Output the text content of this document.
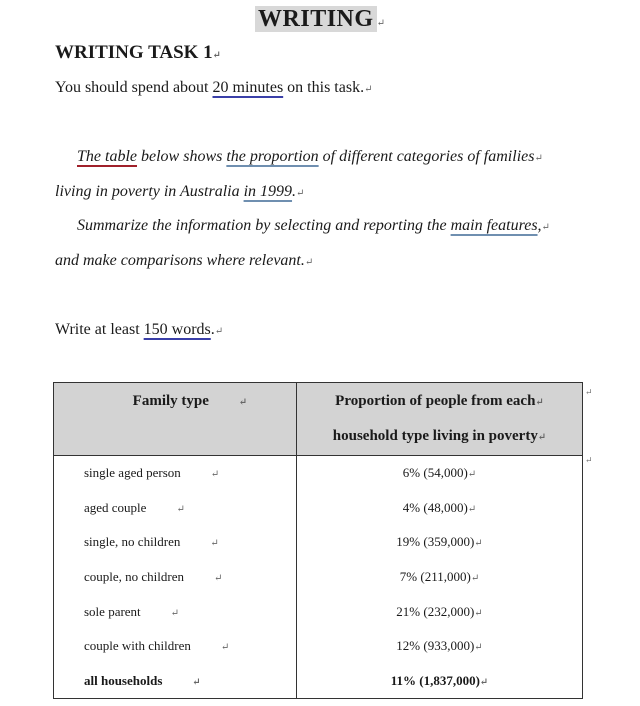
WRITING ↵
WRITING TASK 1↵
You should spend about 20 minutes on this task.↵
The table below shows the proportion of different categories of families↵
living in poverty in Australia in 1999.↵
Summarize the information by selecting and reporting the main features,↵
and make comparisons where relevant.↵
Write at least 150 words.↵
Family type ↵	Proportion of people from each↵
household type living in poverty↵

single aged person ↵	6% (54,000)↵
aged couple ↵	4% (48,000)↵
single, no children ↵	19% (359,000)↵
couple, no children ↵	7% (211,000)↵
sole parent ↵	21% (232,000)↵
couple with children ↵	12% (933,000)↵
all households ↵	11% (1,837,000)↵
↵
↵
